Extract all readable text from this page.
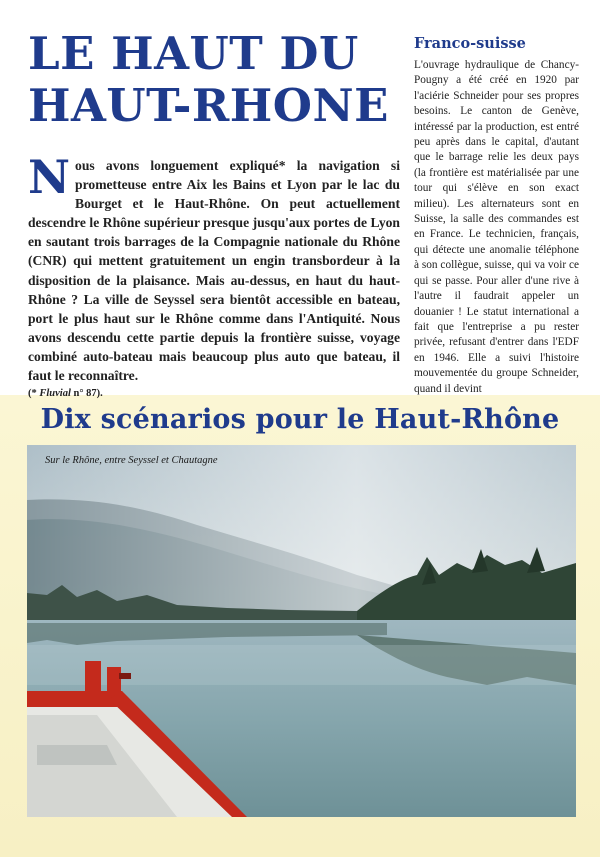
LE HAUT DU
HAUT-RHONE

Nous avons longuement expliqué* la navigation si prometteuse entre Aix les Bains et Lyon par le lac du Bourget et le Haut-Rhône. On peut actuellement descendre le Rhône supérieur presque jusqu'aux portes de Lyon en sautant trois barrages de la Compagnie nationale du Rhône (CNR) qui mettent gratuitement un engin transbordeur à la disposition de la plaisance. Mais au-dessus, en haut du haut-Rhône ? La ville de Seyssel sera bientôt accessible en bateau, port le plus haut sur le Rhône comme dans l'Antiquité. Nous avons descendu cette partie depuis la frontière suisse, voyage combiné auto-bateau mais beaucoup plus auto que bateau, il faut le reconnaître.
(* Fluvial n° 87).

Franco-suisse

L'ouvrage hydraulique de Chancy-Pougny a été créé en 1920 par l'aciérie Schneider pour ses propres besoins. Le canton de Genève, intéressé par la production, est entré peu après dans le capital, d'autant que le barrage relie les deux pays (la frontière est matérialisée par une tour qui s'élève en son exact milieu). Les alternateurs sont en Suisse, la salle des commandes est en France. Le technicien, français, qui détecte une anomalie téléphone à son collègue, suisse, qui va voir ce qui se passe. Pour aller d'une rive à l'autre il faudrait appeler un douanier ! Le statut international a fait que l'entreprise a pu rester privée, refusant d'entrer dans l'EDF en 1946. Elle a suivi l'histoire mouvementée du groupe Schneider, quand il devint

Dix scénarios pour le Haut-Rhône

Sur le Rhône, entre Seyssel et Chautagne
